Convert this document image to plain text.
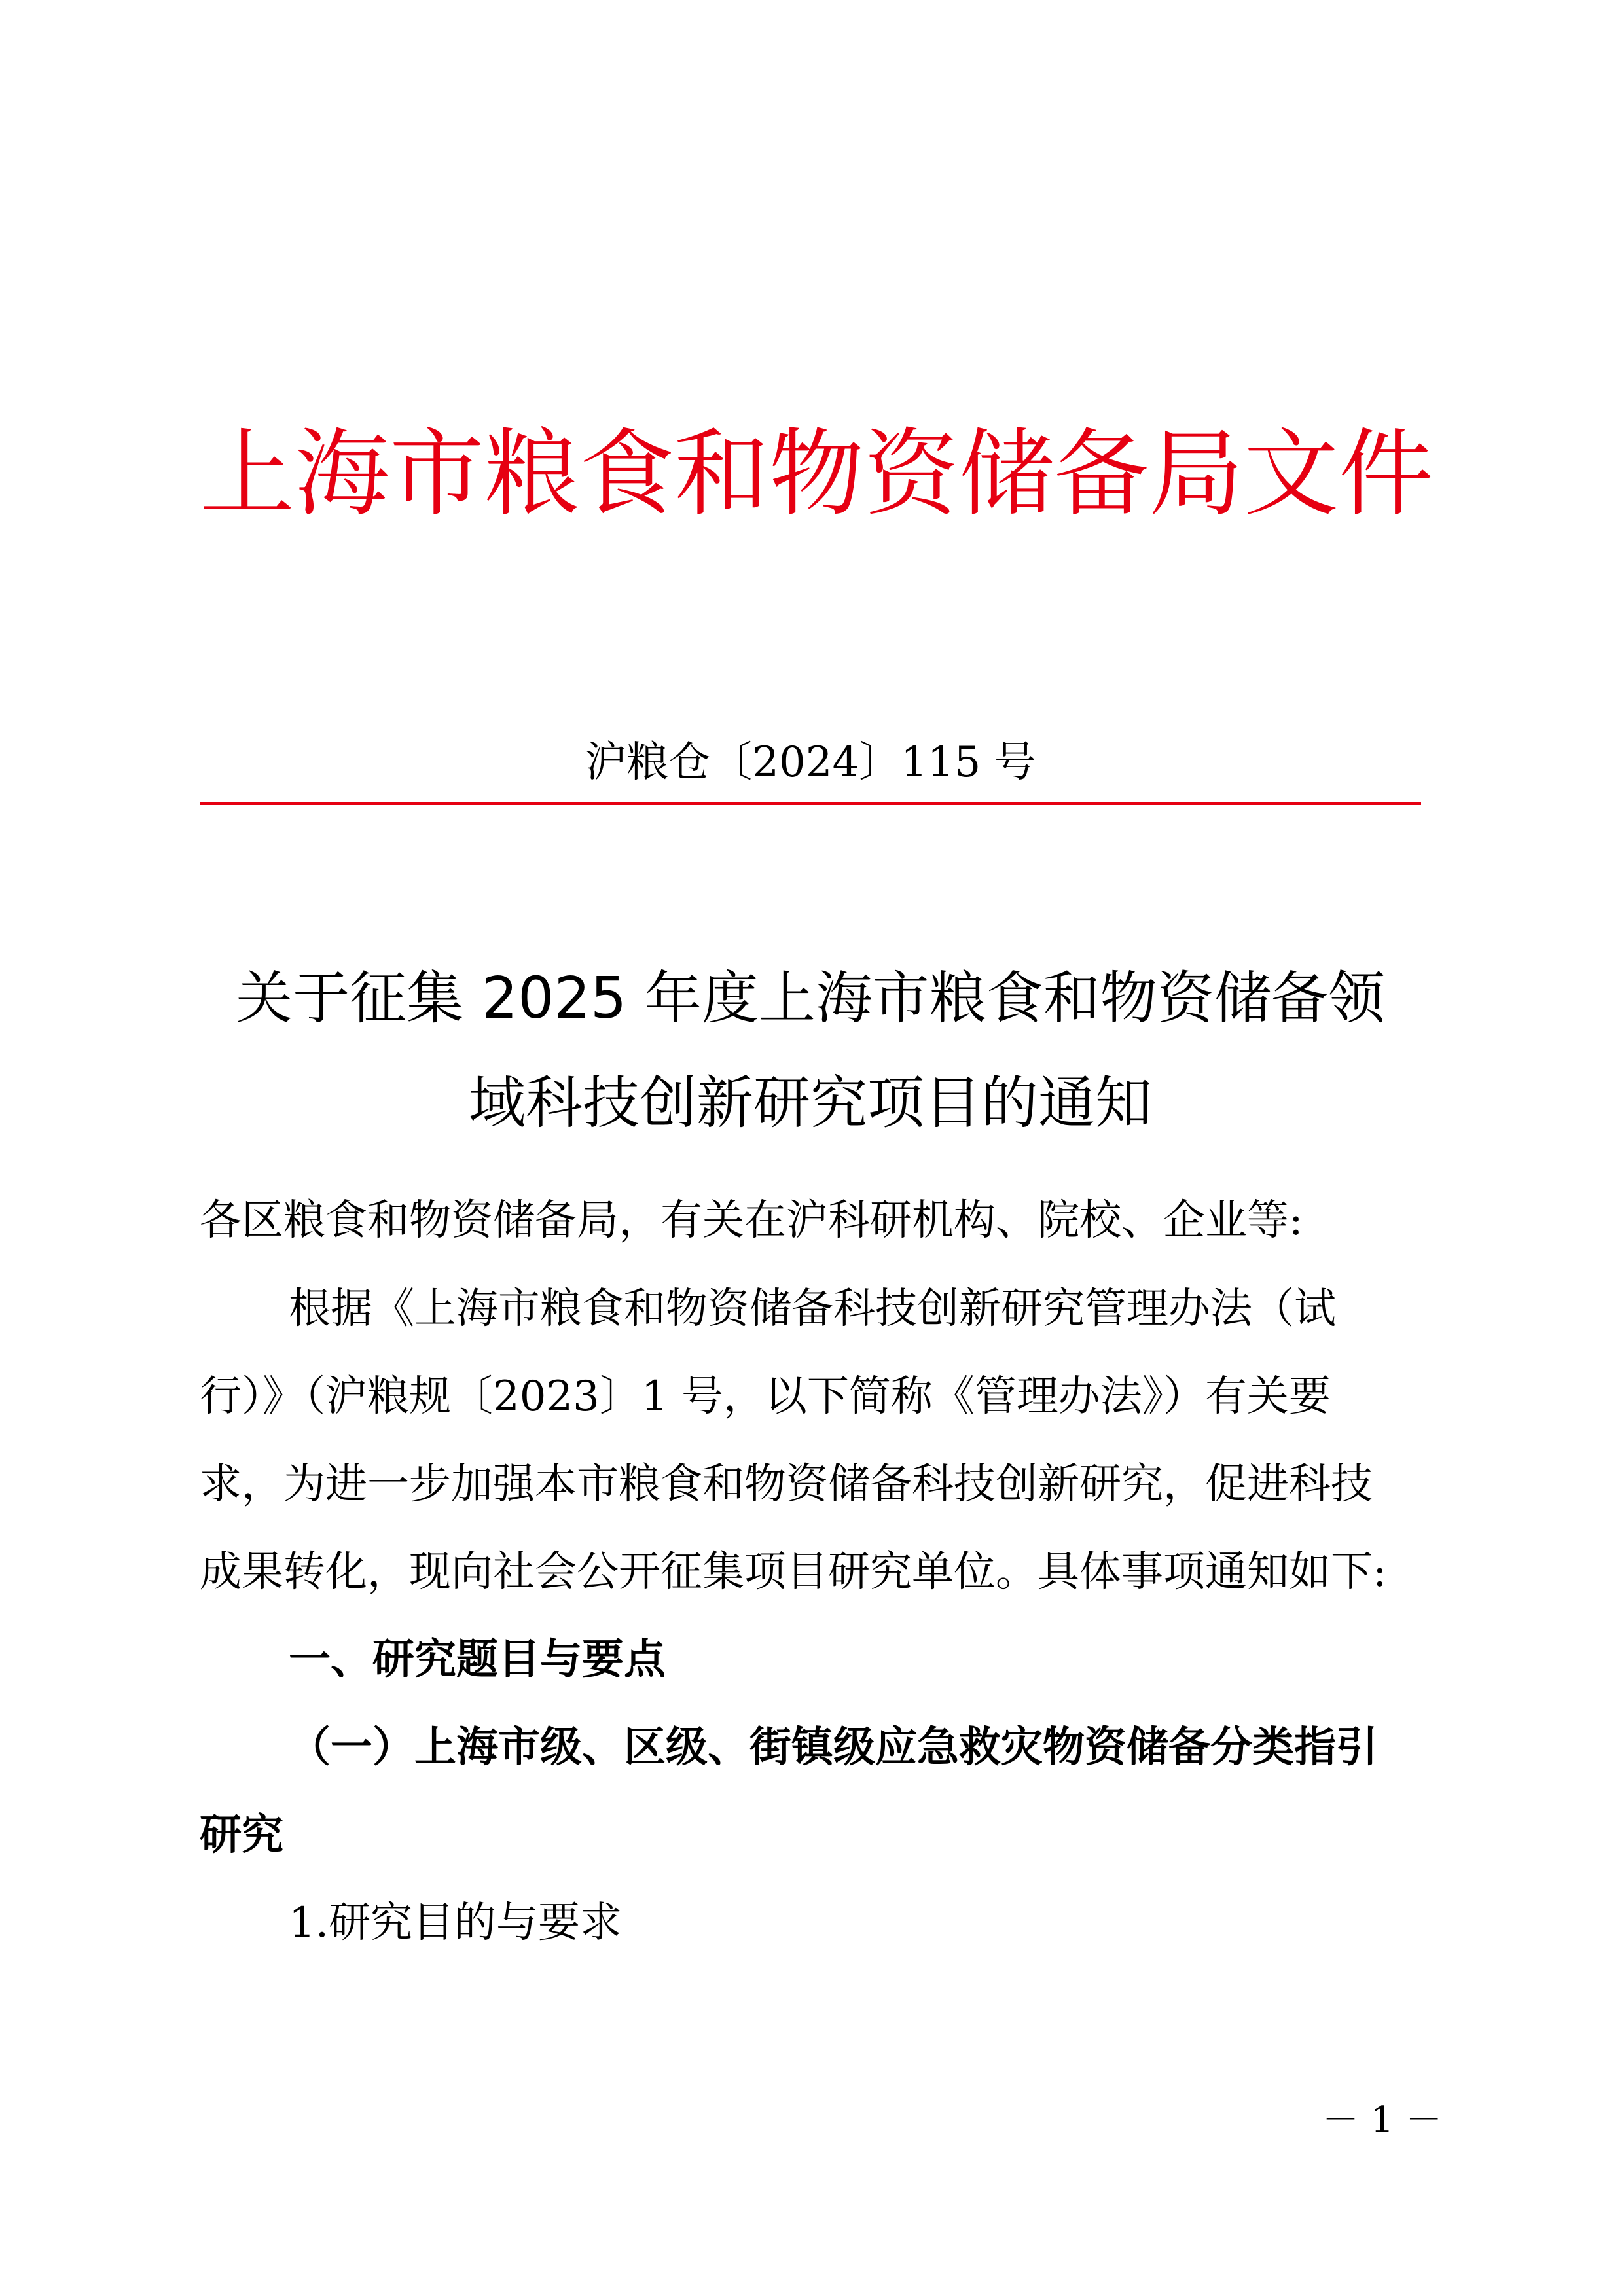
上海市粮食和物资储备局文件
沪粮仓〔2024〕115 号
关于征集 2025 年度上海市粮食和物资储备领
域科技创新研究项目的通知
各区粮食和物资储备局，有关在沪科研机构、院校、企业等:
根据《上海市粮食和物资储备科技创新研究管理办法（试
行）》（沪粮规〔2023〕1 号，以下简称《管理办法》）有关要
求，为进一步加强本市粮食和物资储备科技创新研究，促进科技
成果转化，现向社会公开征集项目研究单位。具体事项通知如下:
一、研究题目与要点
（一）上海市级、区级、街镇级应急救灾物资储备分类指引
研究
1.研究目的与要求
－ 1 －
